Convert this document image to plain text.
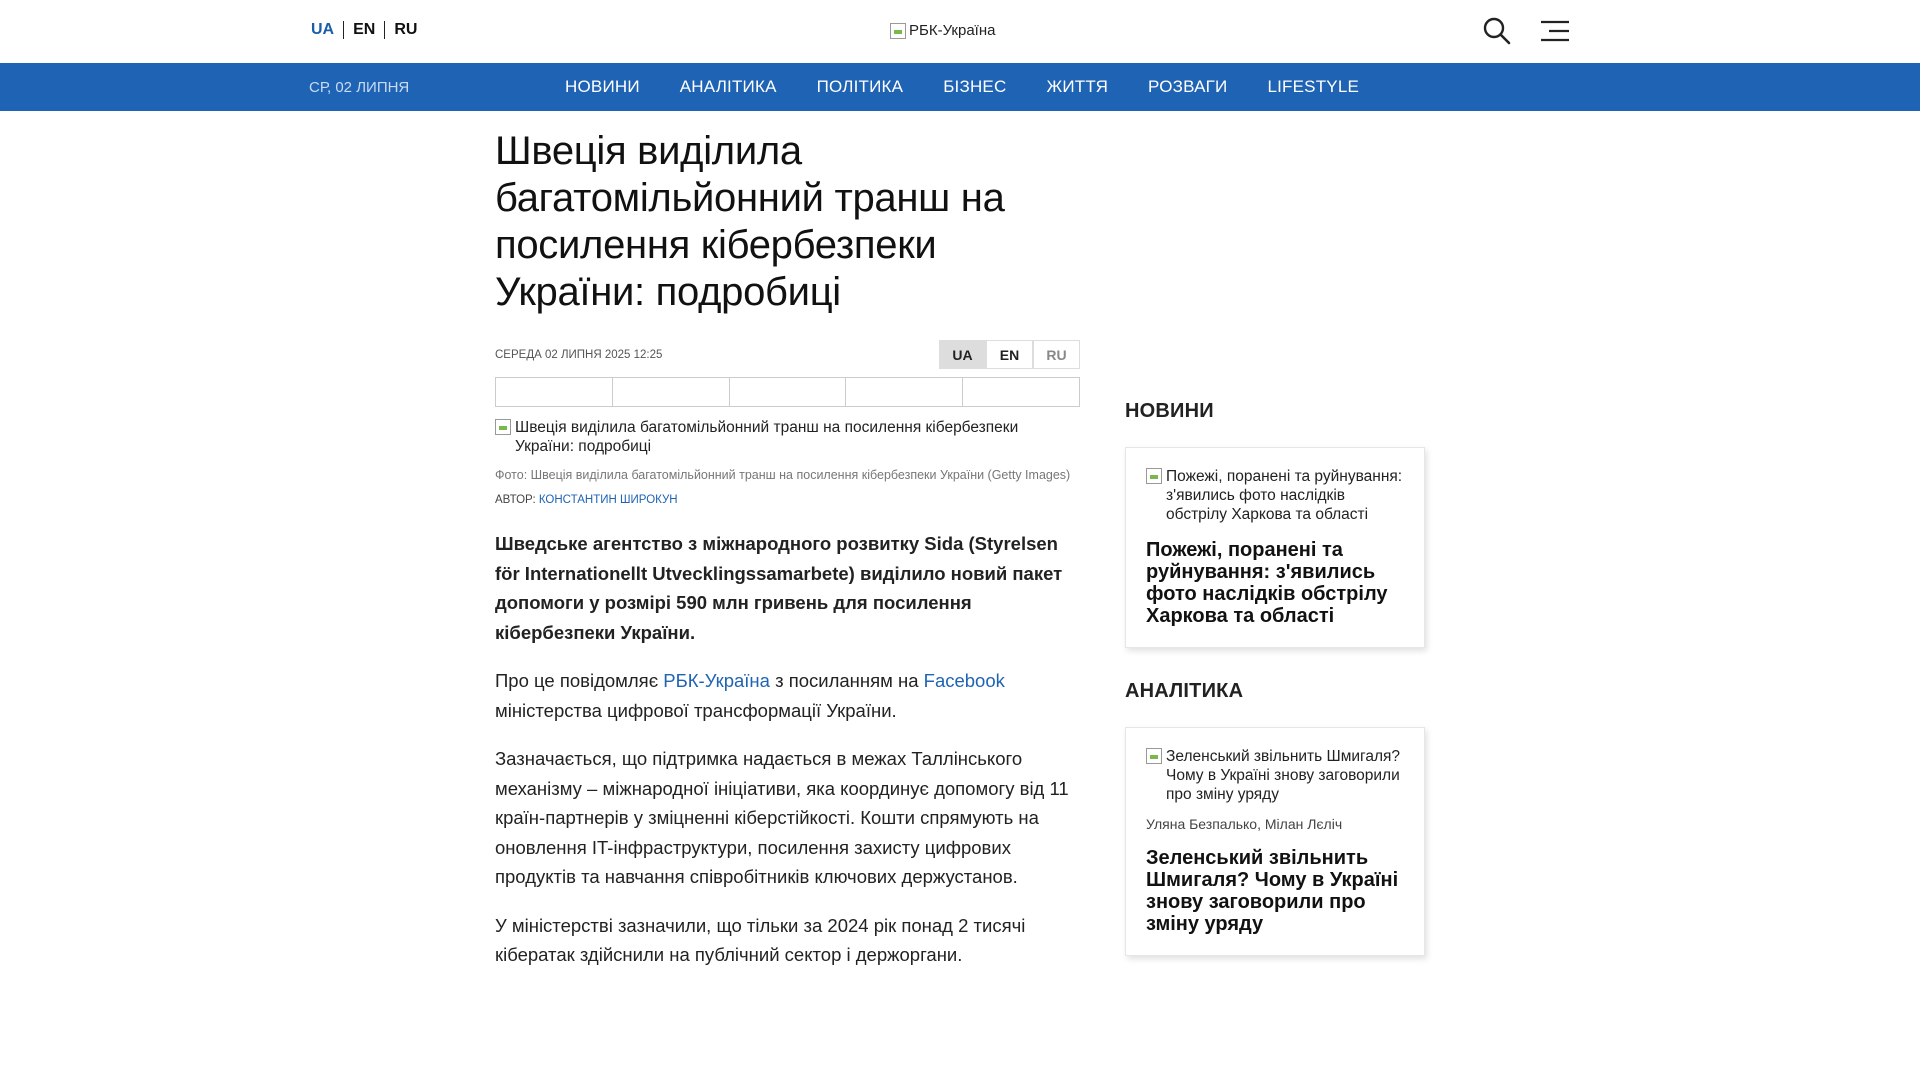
UA	EN	RU	РБК-Україна
СР, 02 ЛИПНЯ	НОВИНИ	АНАЛІТИКА	ПОЛІТИКА	БІЗНЕС	ЖИТТЯ	РОЗВАГИ	LIFESTYLE
Швеція виділила багатомільйонний транш на посилення кібербезпеки України: подробиці
СЕРЕДА 02 ЛИПНЯ 2025 12:25	UA	EN	RU
Швеція виділила багатомільйонний транш на посилення кібербезпеки України: подробиці

Фото: Швеція виділила багатомільйонний транш на посилення кібербезпеки України (Getty Images)

АВТОР: КОНСТАНТИН ШИРОКУН

Шведське агентство з міжнародного розвитку Sida (Styrelsen för Internationellt Utvecklingssamarbete) виділило новий пакет допомоги у розмірі 590 млн гривень для посилення кібербезпеки України.

Про це повідомляє РБК-Україна з посиланням на Facebook міністерства цифрової трансформації України.

Зазначається, що підтримка надається в межах Таллінського механізму – міжнародної ініціативи, яка координує допомогу від 11 країн-партнерів у зміцненні кіберстійкості. Кошти спрямують на оновлення IT-інфраструктури, посилення захисту цифрових продуктів та навчання співробітників ключових держустанов.

У міністерстві зазначили, що тільки за 2024 рік понад 2 тисячі кібератак здійснили на публічний сектор і держоргани.

НОВИНИ
Пожежі, поранені та руйнування: з'явились фото наслідків обстрілу Харкова та області
Пожежі, поранені та руйнування: з'явились фото наслідків обстрілу Харкова та області
АНАЛІТИКА
Зеленський звільнить Шмигаля? Чому в Україні знову заговорили про зміну уряду

Уляна Безпалько, Мілан Лєліч

Зеленський звільнить Шмигаля? Чому в Україні знову заговорили про зміну уряду
